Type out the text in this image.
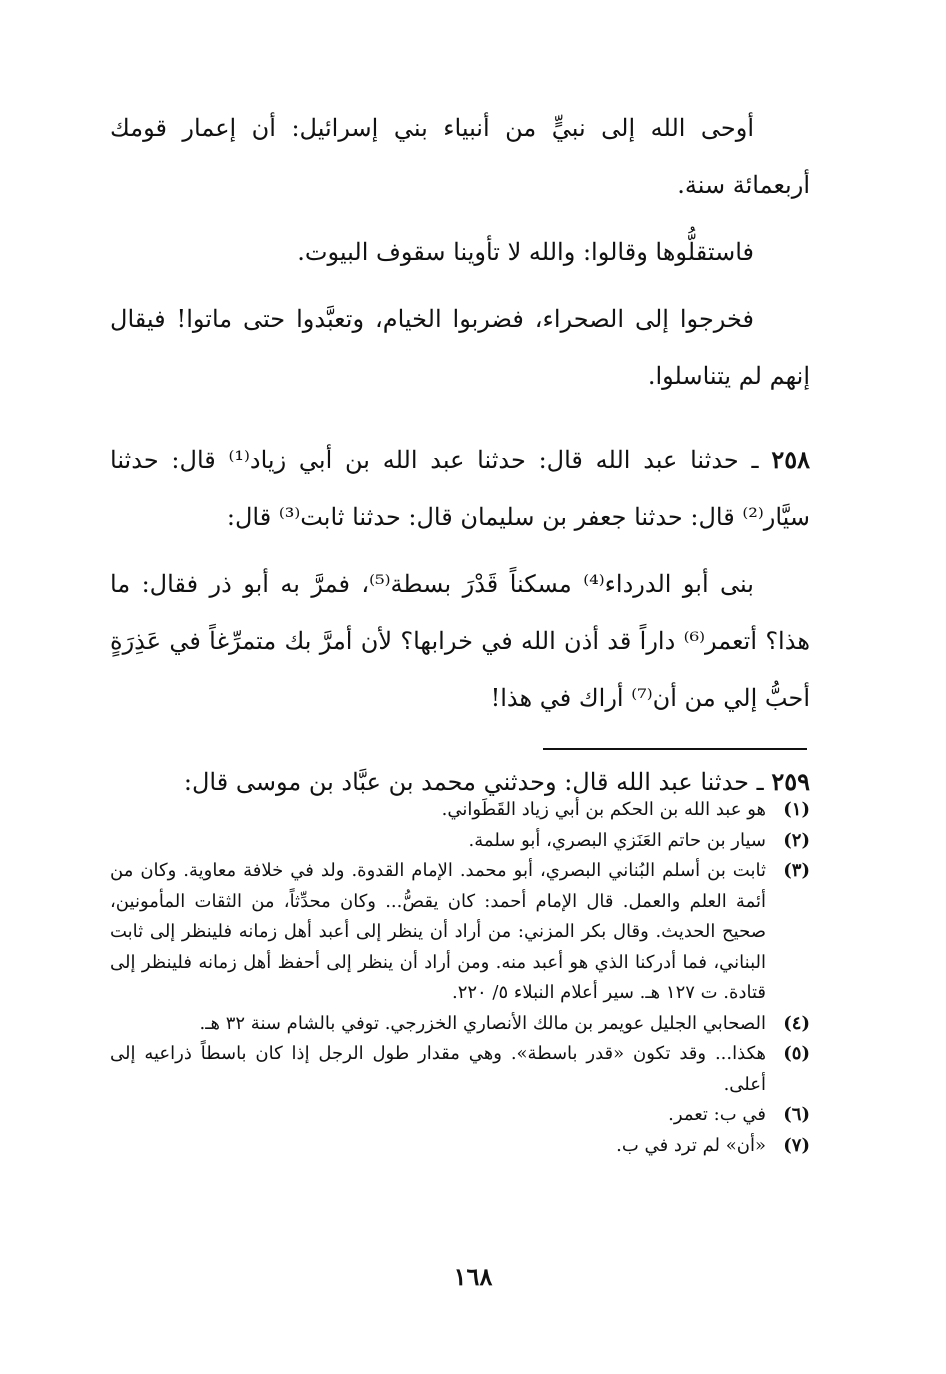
أوحى الله إلى نبيٍّ من أنبياء بني إسرائيل: أن إعمار قومك أربعمائة سنة.

فاستقلُّوها وقالوا: والله لا تأوينا سقوف البيوت.

فخرجوا إلى الصحراء، فضربوا الخيام، وتعبَّدوا حتى ماتوا! فيقال إنهم لم يتناسلوا.

٢٥٨ ـ حدثنا عبد الله قال: حدثنا عبد الله بن أبي زياد⁽¹⁾ قال: حدثنا سيَّار⁽²⁾ قال: حدثنا جعفر بن سليمان قال: حدثنا ثابت⁽³⁾ قال:

بنى أبو الدرداء⁽⁴⁾ مسكناً قَدْرَ بسطة⁽⁵⁾، فمرَّ به أبو ذر فقال: ما هذا؟ أتعمر⁽⁶⁾ داراً قد أذن الله في خرابها؟ لأن أمرَّ بك متمرِّغاً في عَذِرَةٍ أحبُّ إلي من أن⁽⁷⁾ أراك في هذا!

٢٥٩ ـ حدثنا عبد الله قال: وحدثني محمد بن عبَّاد بن موسى قال:

(١)
هو عبد الله بن الحكم بن أبي زياد القَطَواني.
(٢)
سيار بن حاتم العَنَزي البصري، أبو سلمة.
(٣)
ثابت بن أسلم البُناني البصري، أبو محمد. الإمام القدوة. ولد في خلافة معاوية. وكان من أئمة العلم والعمل. قال الإمام أحمد: كان يقصُّ... وكان محدِّثاً، من الثقات المأمونين، صحيح الحديث. وقال بكر المزني: من أراد أن ينظر إلى أعبد أهل زمانه فلينظر إلى ثابت البناني، فما أدركنا الذي هو أعبد منه. ومن أراد أن ينظر إلى أحفظ أهل زمانه فلينظر إلى قتادة. ت ١٢٧ هـ. سير أعلام النبلاء ٥/ ٢٢٠.
(٤)
الصحابي الجليل عويمر بن مالك الأنصاري الخزرجي. توفي بالشام سنة ٣٢ هـ.
(٥)
هكذا... وقد تكون «قدر باسطة». وهي مقدار طول الرجل إذا كان باسطاً ذراعيه إلى أعلى.
(٦)
في ب: تعمر.
(٧)
«أن» لم ترد في ب.
١٦٨
